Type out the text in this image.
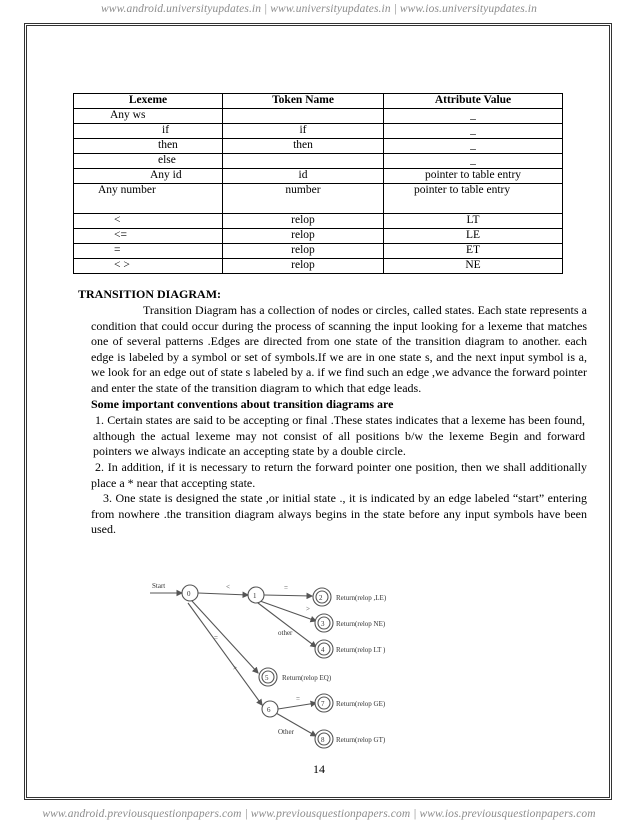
www.android.universityupdates.in | www.universityupdates.in | www.ios.universityupdates.in
Lexeme	Token Name	Attribute Value
Any ws		_
if	if	_
then	then	_
else		_
Any id	id	pointer to table entry
Any number	number	pointer to table entry

<	relop	LT
<=	relop	LE
=	relop	ET
< >	relop	NE
TRANSITION DIAGRAM:
Transition Diagram has a collection of nodes or circles, called states. Each state represents a condition that could occur during the process of scanning the input looking for a lexeme that matches one of several patterns .Edges are directed from one state of the transition diagram to another. each edge is labeled by a symbol or set of symbols.If we are in one state s, and the next input symbol is a, we look for an edge out of state s labeled by a. if we find such an edge ,we advance the forward pointer and enter the state of the transition diagram to which that edge leads.
Some important conventions about transition diagrams are
1. Certain states are said to be accepting or final .These states indicates that a lexeme has been found, although the actual lexeme may not consist of all positions b/w the lexeme Begin and forward pointers we always indicate an accepting state by a double circle.
2. In addition, if it is necessary to return the forward pointer one position, then we shall additionally place a * near that accepting state.
3. One state is designed the state ,or initial state ., it is indicated by an edge labeled “start” entering from nowhere .the transition diagram always begins in the state before any input symbols have been used.
Start
0	1	2
3
4
5
6
7
8
<	=
>
other
=
>
=
Other
Return(relop ,LE)
Return(relop NE)
Return(relop LT )
Return(relop EQ)
Return(relop GE)
Return(relop GT)
14
www.android.previousquestionpapers.com | www.previousquestionpapers.com | www.ios.previousquestionpapers.com
